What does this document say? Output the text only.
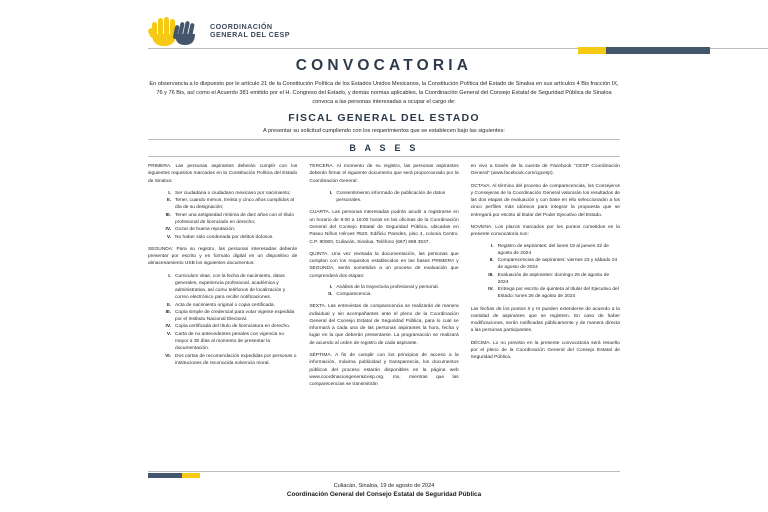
COORDINACIÓN
GENERAL DEL CESP
CONVOCATORIA
En observancia a lo dispuesto por le artículo 21 de la Constitución Política de los Estados Unidos Mexicanos, la Constitución Política del Estado de Sinaloa en sus artículos 4 Bis fracción IX, 76 y 76 Bis, así como el Acuerdo 381 emitido por el H. Congreso del Estado, y demás normas aplicables, la Coordinación General del Consejo Estatal de Seguridad Pública de Sinaloa convoca a las personas interesadas a ocupar el cargo de:
FISCAL GENERAL DEL ESTADO
A presentar su solicitud cumpliendo con los requerimientos que se establecen bajo las siguientes:
B A S E S
PRIMERA. Las personas aspirantes deberán cumplir con los siguientes requisitos marcados en la Constitución Política del Estado de Sinaloa:
I. Ser ciudadana o ciudadano mexicano por nacimiento;
II. Tener, cuando menos, treinta y cinco años cumplidos al día de su designación;
III. Tener una antigüedad mínima de diez años con el título profesional de licenciado en derecho;
IV. Gozar de buena reputación;
V. No haber sido condenada por delitos dolosos.
SEGUNDA: Para su registro, las personas interesadas deberán presentar por escrito y en formato digital en un dispositivo de almacenamiento USB los siguientes documentos:
I. Curriculum vitae, con la fecha de nacimiento, datos generales, experiencia profesional, académica y administrativa, así como teléfonos de localización y correo electrónico para recibir notificaciones.
II. Acta de nacimiento original o copia certificada.
III. Copia simple de credencial para votar vigente expedida por el Instituto Nacional Electoral.
IV. Copia certificada del título de licenciatura en derecho.
V. Carta de no antecedentes penales con vigencia no mayor a 30 días al momento de presentar la documentación.
VI. Dos cartas de recomendación expedidas por personas o instituciones de reconocida solvencia moral.
TERCERA. Al momento de su registro, las personas aspirantes deberán firmar el siguiente documento que será proporcionado por la Coordinación General:
I. Consentimiento informado de publicación de datos personales.
CUARTA. Las personas interesadas podrán acudir a registrarse en un horario de 9:00 a 16:00 horas en las oficinas de la Coordinación General del Consejo Estatal de Seguridad Pública, ubicadas en Paseo Niños Héroes #520, Edificio Paredes, piso 4, colonia Centro. C.P. 80000, Culiacán, Sinaloa. Teléfono (667) 688 3537.
QUINTA. Una vez revisada la documentación, las personas que cumplan con los requisitos establecidos en las bases PRIMERA y SEGUNDA, serán sometidos a un proceso de evaluación que comprenderá dos etapas:
I. Análisis de la trayectoria profesional y personal.
II. Comparecencia.
SEXTA. Las entrevistas de comparecencia se realizarán de manera individual y sin acompañantes ante el pleno de la Coordinación General del Consejo Estatal de Seguridad Pública, para lo cual se informará a cada una de las personas aspirantes la hora, fecha y lugar en la que deberán presentarse. La programación se realizará de acuerdo al orden de registro de cada aspirante.
SÉPTIMA. A fin de cumplir con los principios de acceso a la información, máxima publicidad y transparencia, los documentos públicos del proceso estarán disponibles en la página web www.coordinaciongeneralcesp.org. mx, mientras que las comparecencias se transmitirán
en vivo a través de la cuenta de Facebook "CESP Coordinación General" (www.facebook.com/cgcesp).
OCTAVA. Al término del proceso de comparecencias, los Consejeros y Consejeras de la Coordinación General valorarán los resultados de las dos etapas de evaluación y con base en ello seleccionarán a los cinco perfiles más idóneos para integrar la propuesta que se entregará por escrito al titular del Poder Ejecutivo del Estado.
NOVENA. Los plazos marcados por los puntos cometidos en la presente convocatoria son:
I. Registro de aspirantes: del lunes 19 al jueves 22 de agosto de 2024
II. Comparecencias de aspirantes: viernes 23 y sábado 24 de agosto de 2024
III. Evaluación de aspirantes: domingo 25 de agosto de 2024
IV. Entrega por escrito de quinteta al titular del Ejecutivo del Estado: lunes 26 de agosto de 2024
Las fechas de los puntos II y III pueden extenderse de acuerdo a la cantidad de aspirantes que se registren. En caso de haber modificaciones, serán notificadas públicamente y de manera directa a las personas participantes.
DÉCIMA. Lo no previsto en la presente convocatoria será resuelto por el pleno de la Coordinación General del Consejo Estatal de Seguridad Pública.
Culiacán, Sinaloa, 19 de agosto de 2024
Coordinación General del Consejo Estatal de Seguridad Pública
